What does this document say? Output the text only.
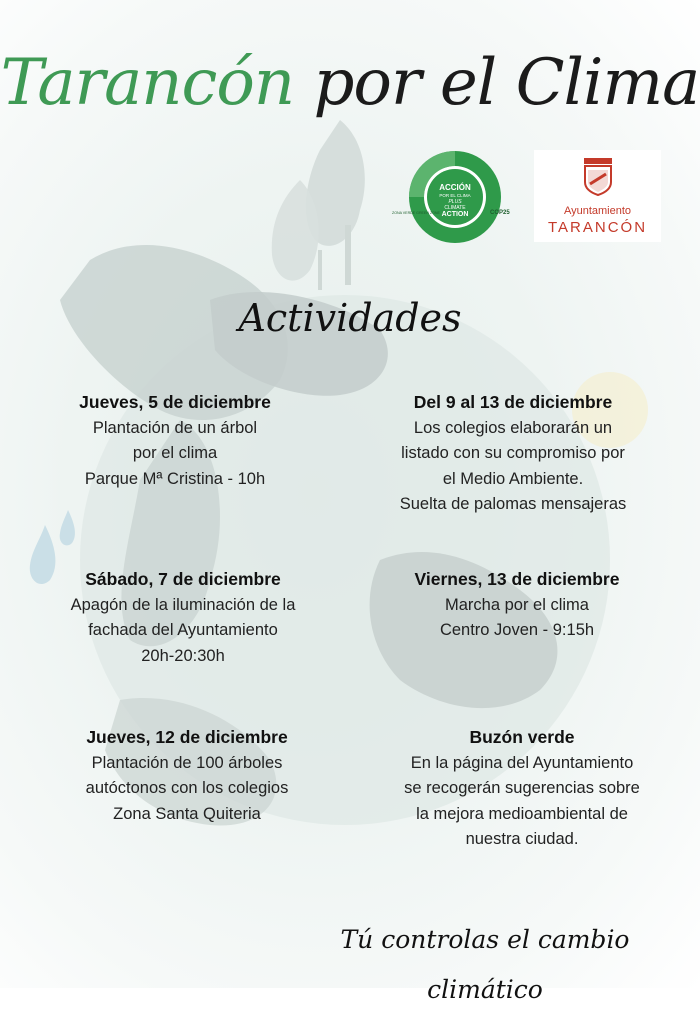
Tarancón por el Clima
ACCIÓN
POR EL CLIMA
PLUS
CLIMATE
ACTION
ZONA VERDE GREEN ZONE	COP25	Ayuntamiento
TARANCÓN
Actividades
Jueves, 5 de diciembre
Plantación de un árbol
por el clima
Parque Mª Cristina - 10h
Del 9 al 13 de diciembre
Los colegios elaborarán un
listado con su compromiso por
el Medio Ambiente.
Suelta de palomas mensajeras
Sábado, 7 de diciembre
Apagón de la iluminación de la
fachada del Ayuntamiento
20h-20:30h
Viernes, 13 de diciembre
Marcha por el clima
Centro Joven - 9:15h
Jueves, 12 de diciembre
Plantación de 100 árboles
autóctonos con los colegios
Zona Santa Quiteria
Buzón verde
En la página del Ayuntamiento
se recogerán sugerencias sobre
la mejora medioambiental de
nuestra ciudad.
Tú controlas el cambio climático
